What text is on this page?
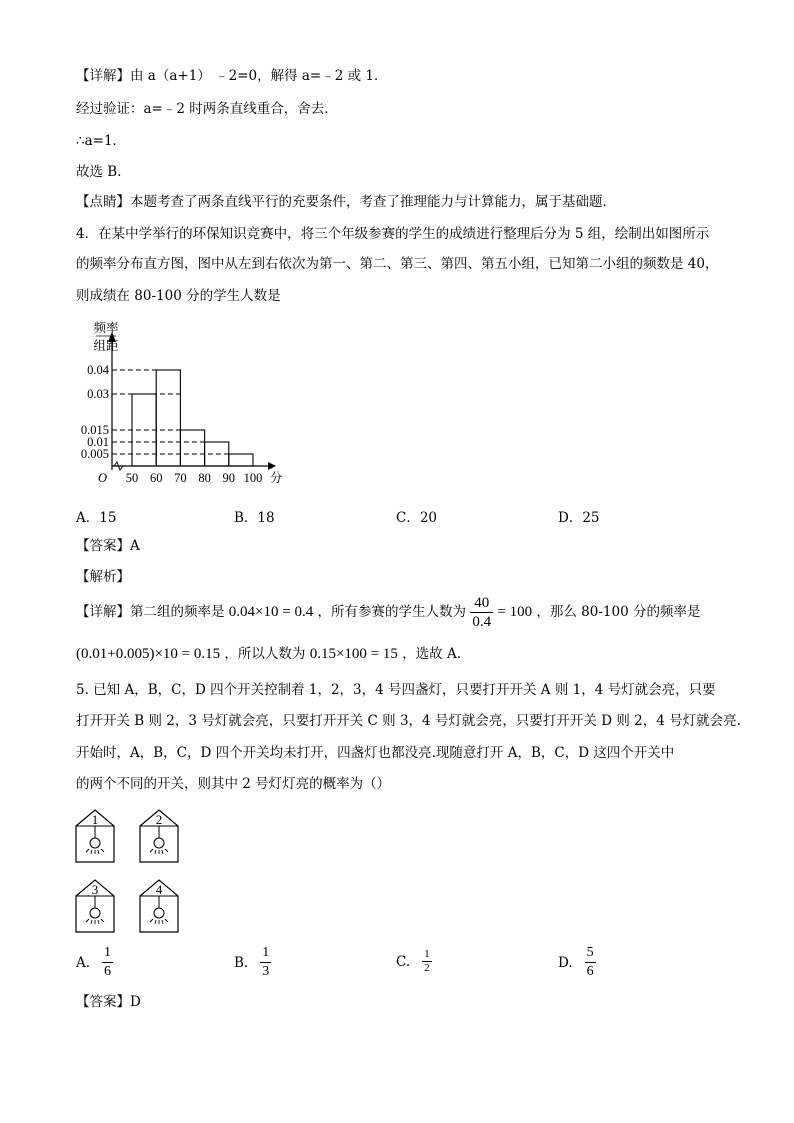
【详解】由 a（a+1） ﹣2=0，解得 a=﹣2 或 1．
经过验证：a=﹣2 时两条直线重合，舍去．
∴a=1．
故选 B．
【点睛】本题考查了两条直线平行的充要条件，考查了推理能力与计算能力，属于基础题．
4．在某中学举行的环保知识竞赛中，将三个年级参赛的学生的成绩进行整理后分为 5 组，绘制出如图所示
的频率分布直方图，图中从左到右依次为第一、第二、第三、第四、第五小组，已知第二小组的频数是 40，
则成绩在 80-100 分的学生人数是
频率
组距
O
0.04
0.03
0.015
0.01
0.005
50 60 70 80 90 100 分
A．15	B．18	C．20	D．25
【答案】A
【解析】
【详解】第二组的频率是 0.04×10 = 0.4 ，所有参赛的学生人数为 $\frac{40}{0.4} = 100$ ，那么 80-100 分的频率是
(0.01+0.005)×10 = 0.15 ，所以人数为 0.15×100 = 15 ，选故 A.
5. 已知 A，B，C，D 四个开关控制着 1，2，3，4 号四盏灯，只要打开开关 A 则 1，4 号灯就会亮，只要
打开开关 B 则 2，3 号灯就会亮，只要打开开关 C 则 3，4 号灯就会亮，只要打开开关 D 则 2，4 号灯就会亮.
开始时，A，B，C，D 四个开关均未打开，四盏灯也都没亮.现随意打开 A，B，C，D 这四个开关中
的两个不同的开关，则其中 2 号灯灯亮的概率为（）
1	2
3	4
A. $\frac{1}{6}$	B. $\frac{1}{3}$	C. $\frac{1}{2}$	D. $\frac{5}{6}$
【答案】D
